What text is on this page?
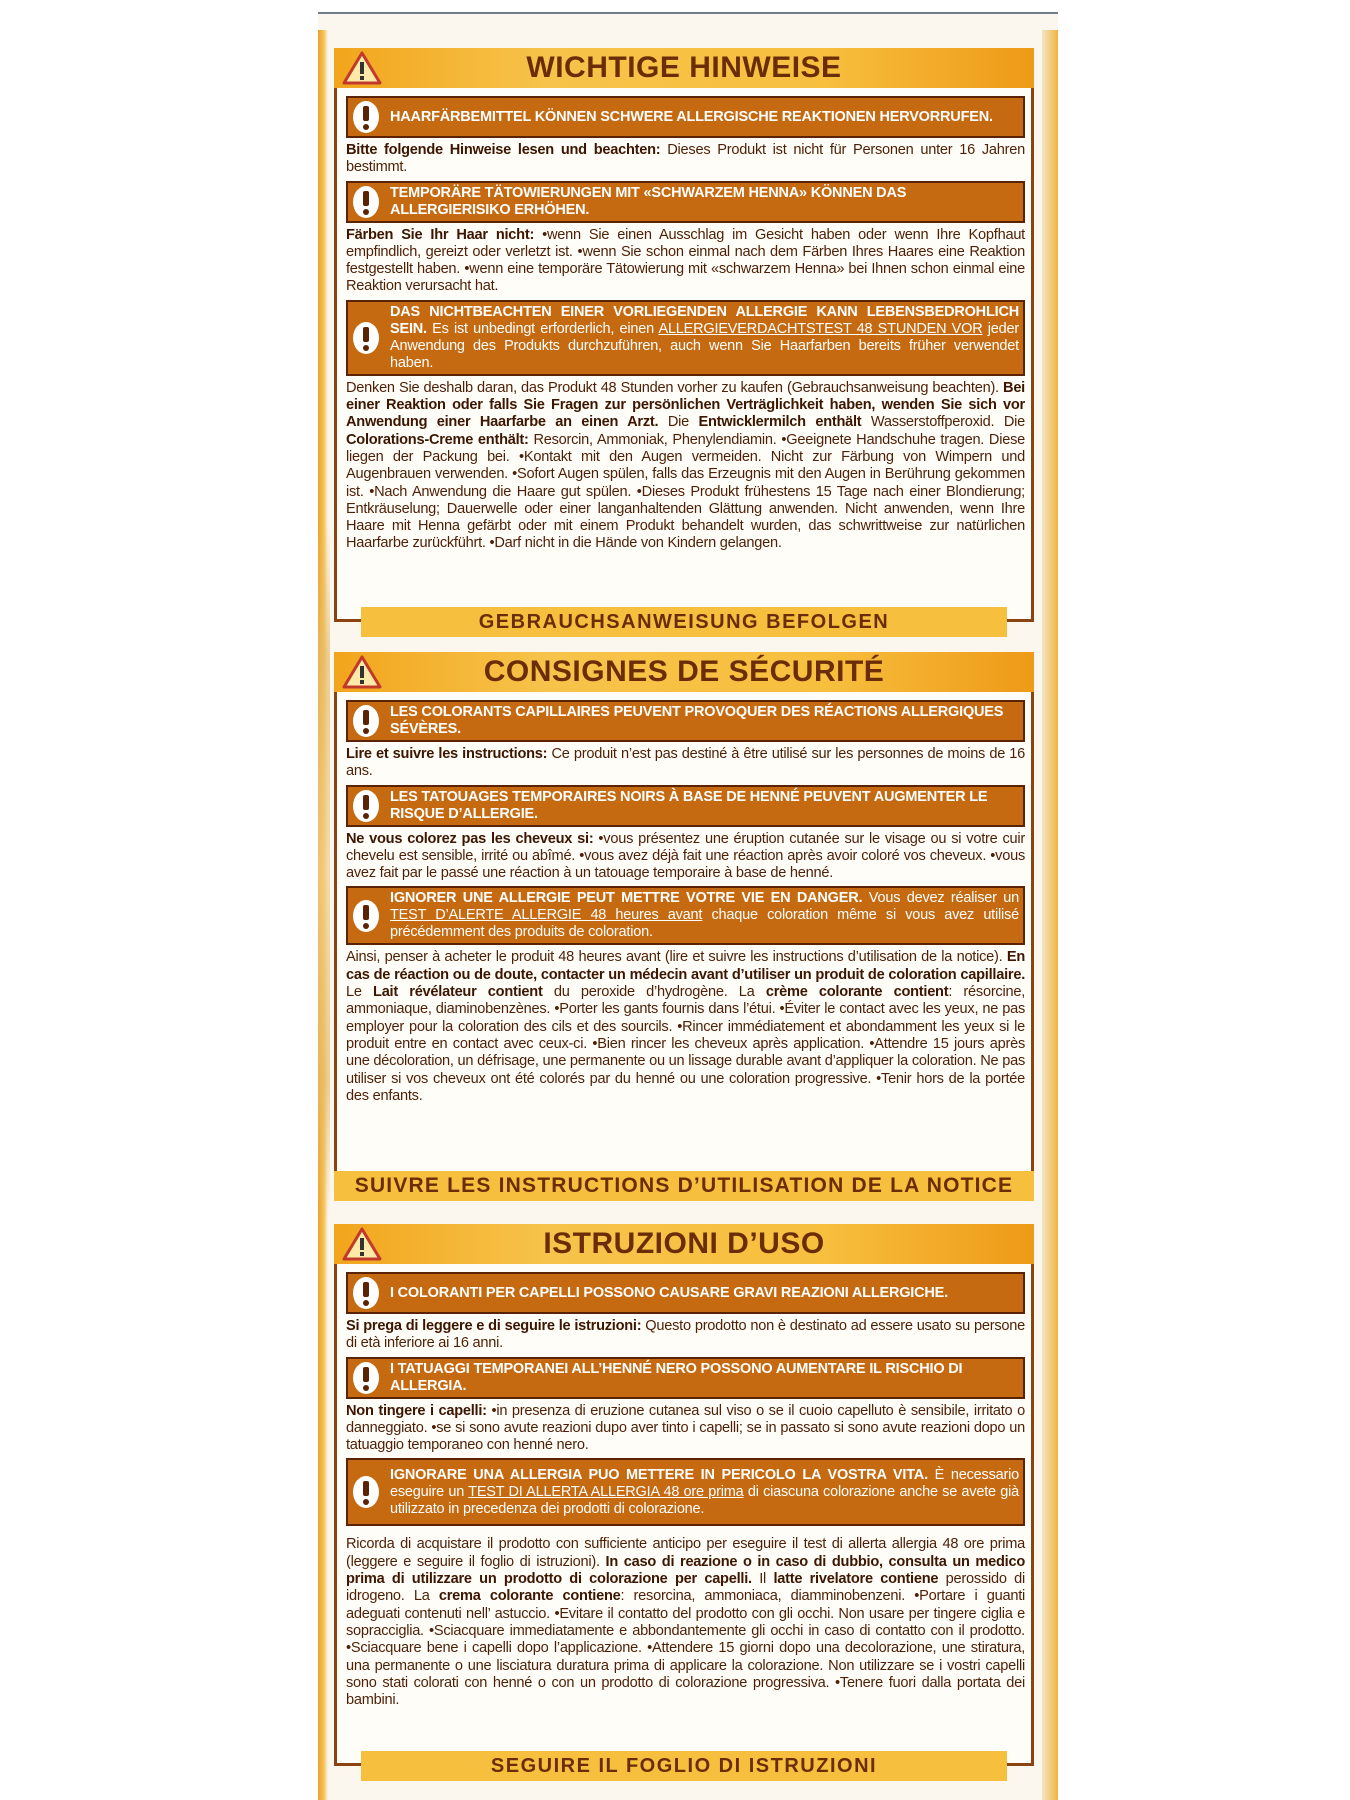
WICHTIGE HINWEISE
HAARFÄRBEMITTEL KÖNNEN SCHWERE ALLERGISCHE REAKTIONEN HERVORRUFEN.
Bitte folgende Hinweise lesen und beachten: Dieses Produkt ist nicht für Personen unter 16 Jahren bestimmt.
TEMPORÄRE TÄTOWIERUNGEN MIT «SCHWARZEM HENNA» KÖNNEN DAS ALLERGIERISIKO ERHÖHEN.
Färben Sie Ihr Haar nicht: •wenn Sie einen Ausschlag im Gesicht haben oder wenn Ihre Kopfhaut empfindlich, gereizt oder verletzt ist. •wenn Sie schon einmal nach dem Färben Ihres Haares eine Reaktion festgestellt haben. •wenn eine temporäre Tätowierung mit «schwarzem Henna» bei Ihnen schon einmal eine Reaktion verursacht hat.
DAS NICHTBEACHTEN EINER VORLIEGENDEN ALLERGIE KANN LEBENSBEDROHLICH SEIN. Es ist unbedingt erforderlich, einen ALLERGIEVERDACHTSTEST 48 STUNDEN VOR jeder Anwendung des Produkts durchzuführen, auch wenn Sie Haarfarben bereits früher verwendet haben.
Denken Sie deshalb daran, das Produkt 48 Stunden vorher zu kaufen (Gebrauchsanweisung beachten). Bei einer Reaktion oder falls Sie Fragen zur persönlichen Verträglichkeit haben, wenden Sie sich vor Anwendung einer Haarfarbe an einen Arzt. Die Entwicklermilch enthält Wasserstoffperoxid. Die Colorations-Creme enthält: Resorcin, Ammoniak, Phenylendiamin. •Geeignete Handschuhe tragen. Diese liegen der Packung bei. •Kontakt mit den Augen vermeiden. Nicht zur Färbung von Wimpern und Augenbrauen verwenden. •Sofort Augen spülen, falls das Erzeugnis mit den Augen in Berührung gekommen ist. •Nach Anwendung die Haare gut spülen. •Dieses Produkt frühestens 15 Tage nach einer Blondierung; Entkräuselung; Dauerwelle oder einer langanhaltenden Glättung anwenden. Nicht anwenden, wenn Ihre Haare mit Henna gefärbt oder mit einem Produkt behandelt wurden, das schwrittweise zur natürlichen Haarfarbe zurückführt. •Darf nicht in die Hände von Kindern gelangen.
GEBRAUCHSANWEISUNG BEFOLGEN
CONSIGNES DE SÉCURITÉ
LES COLORANTS CAPILLAIRES PEUVENT PROVOQUER DES RÉACTIONS ALLERGIQUES SÉVÈRES.
Lire et suivre les instructions: Ce produit n’est pas destiné à être utilisé sur les personnes de moins de 16 ans.
LES TATOUAGES TEMPORAIRES NOIRS À BASE DE HENNÉ PEUVENT AUGMENTER LE RISQUE D’ALLERGIE.
Ne vous colorez pas les cheveux si: •vous présentez une éruption cutanée sur le visage ou si votre cuir chevelu est sensible, irrité ou abîmé. •vous avez déjà fait une réaction après avoir coloré vos cheveux. •vous avez fait par le passé une réaction à un tatouage temporaire à base de henné.
IGNORER UNE ALLERGIE PEUT METTRE VOTRE VIE EN DANGER. Vous devez réaliser un TEST D’ALERTE ALLERGIE 48 heures avant chaque coloration même si vous avez utilisé précédemment des produits de coloration.
Ainsi, penser à acheter le produit 48 heures avant (lire et suivre les instructions d’utilisation de la notice). En cas de réaction ou de doute, contacter un médecin avant d’utiliser un produit de coloration capillaire. Le Lait révélateur contient du peroxide d’hydrogène. La crème colorante contient: résorcine, ammoniaque, diaminobenzènes. •Porter les gants fournis dans l’étui. •Éviter le contact avec les yeux, ne pas employer pour la coloration des cils et des sourcils. •Rincer immédiatement et abondamment les yeux si le produit entre en contact avec ceux-ci. •Bien rincer les cheveux après application. •Attendre 15 jours après une décoloration, un défrisage, une permanente ou un lissage durable avant d’appliquer la coloration. Ne pas utiliser si vos cheveux ont été colorés par du henné ou une coloration progressive. •Tenir hors de la portée des enfants.
SUIVRE LES INSTRUCTIONS D’UTILISATION DE LA NOTICE
ISTRUZIONI D’USO
I COLORANTI PER CAPELLI POSSONO CAUSARE GRAVI REAZIONI ALLERGICHE.
Si prega di leggere e di seguire le istruzioni: Questo prodotto non è destinato ad essere usato su persone di età inferiore ai 16 anni.
I TATUAGGI TEMPORANEI ALL’HENNÉ NERO POSSONO AUMENTARE IL RISCHIO DI ALLERGIA.
Non tingere i capelli: •in presenza di eruzione cutanea sul viso o se il cuoio capelluto è sensibile, irritato o danneggiato. •se si sono avute reazioni dupo aver tinto i capelli; se in passato si sono avute reazioni dopo un tatuaggio temporaneo con henné nero.
IGNORARE UNA ALLERGIA PUO METTERE IN PERICOLO LA VOSTRA VITA. È necessario eseguire un TEST DI ALLERTA ALLERGIA 48 ore prima di ciascuna colorazione anche se avete già utilizzato in precedenza dei prodotti di colorazione.
Ricorda di acquistare il prodotto con sufficiente anticipo per eseguire il test di allerta allergia 48 ore prima (leggere e seguire il foglio di istruzioni). In caso di reazione o in caso di dubbio, consulta un medico prima di utilizzare un prodotto di colorazione per capelli. Il latte rivelatore contiene perossido di idrogeno. La crema colorante contiene: resorcina, ammoniaca, diamminobenzeni. •Portare i guanti adeguati contenuti nell’ astuccio. •Evitare il contatto del prodotto con gli occhi. Non usare per tingere ciglia e sopracciglia. •Sciacquare immediatamente e abbondantemente gli occhi in caso di contatto con il prodotto. •Sciacquare bene i capelli dopo l’applicazione. •Attendere 15 giorni dopo una decolorazione, une stiratura, una permanente o une lisciatura duratura prima di applicare la colorazione. Non utilizzare se i vostri capelli sono stati colorati con henné o con un prodotto di colorazione progressiva. •Tenere fuori dalla portata dei bambini.
SEGUIRE IL FOGLIO DI ISTRUZIONI
